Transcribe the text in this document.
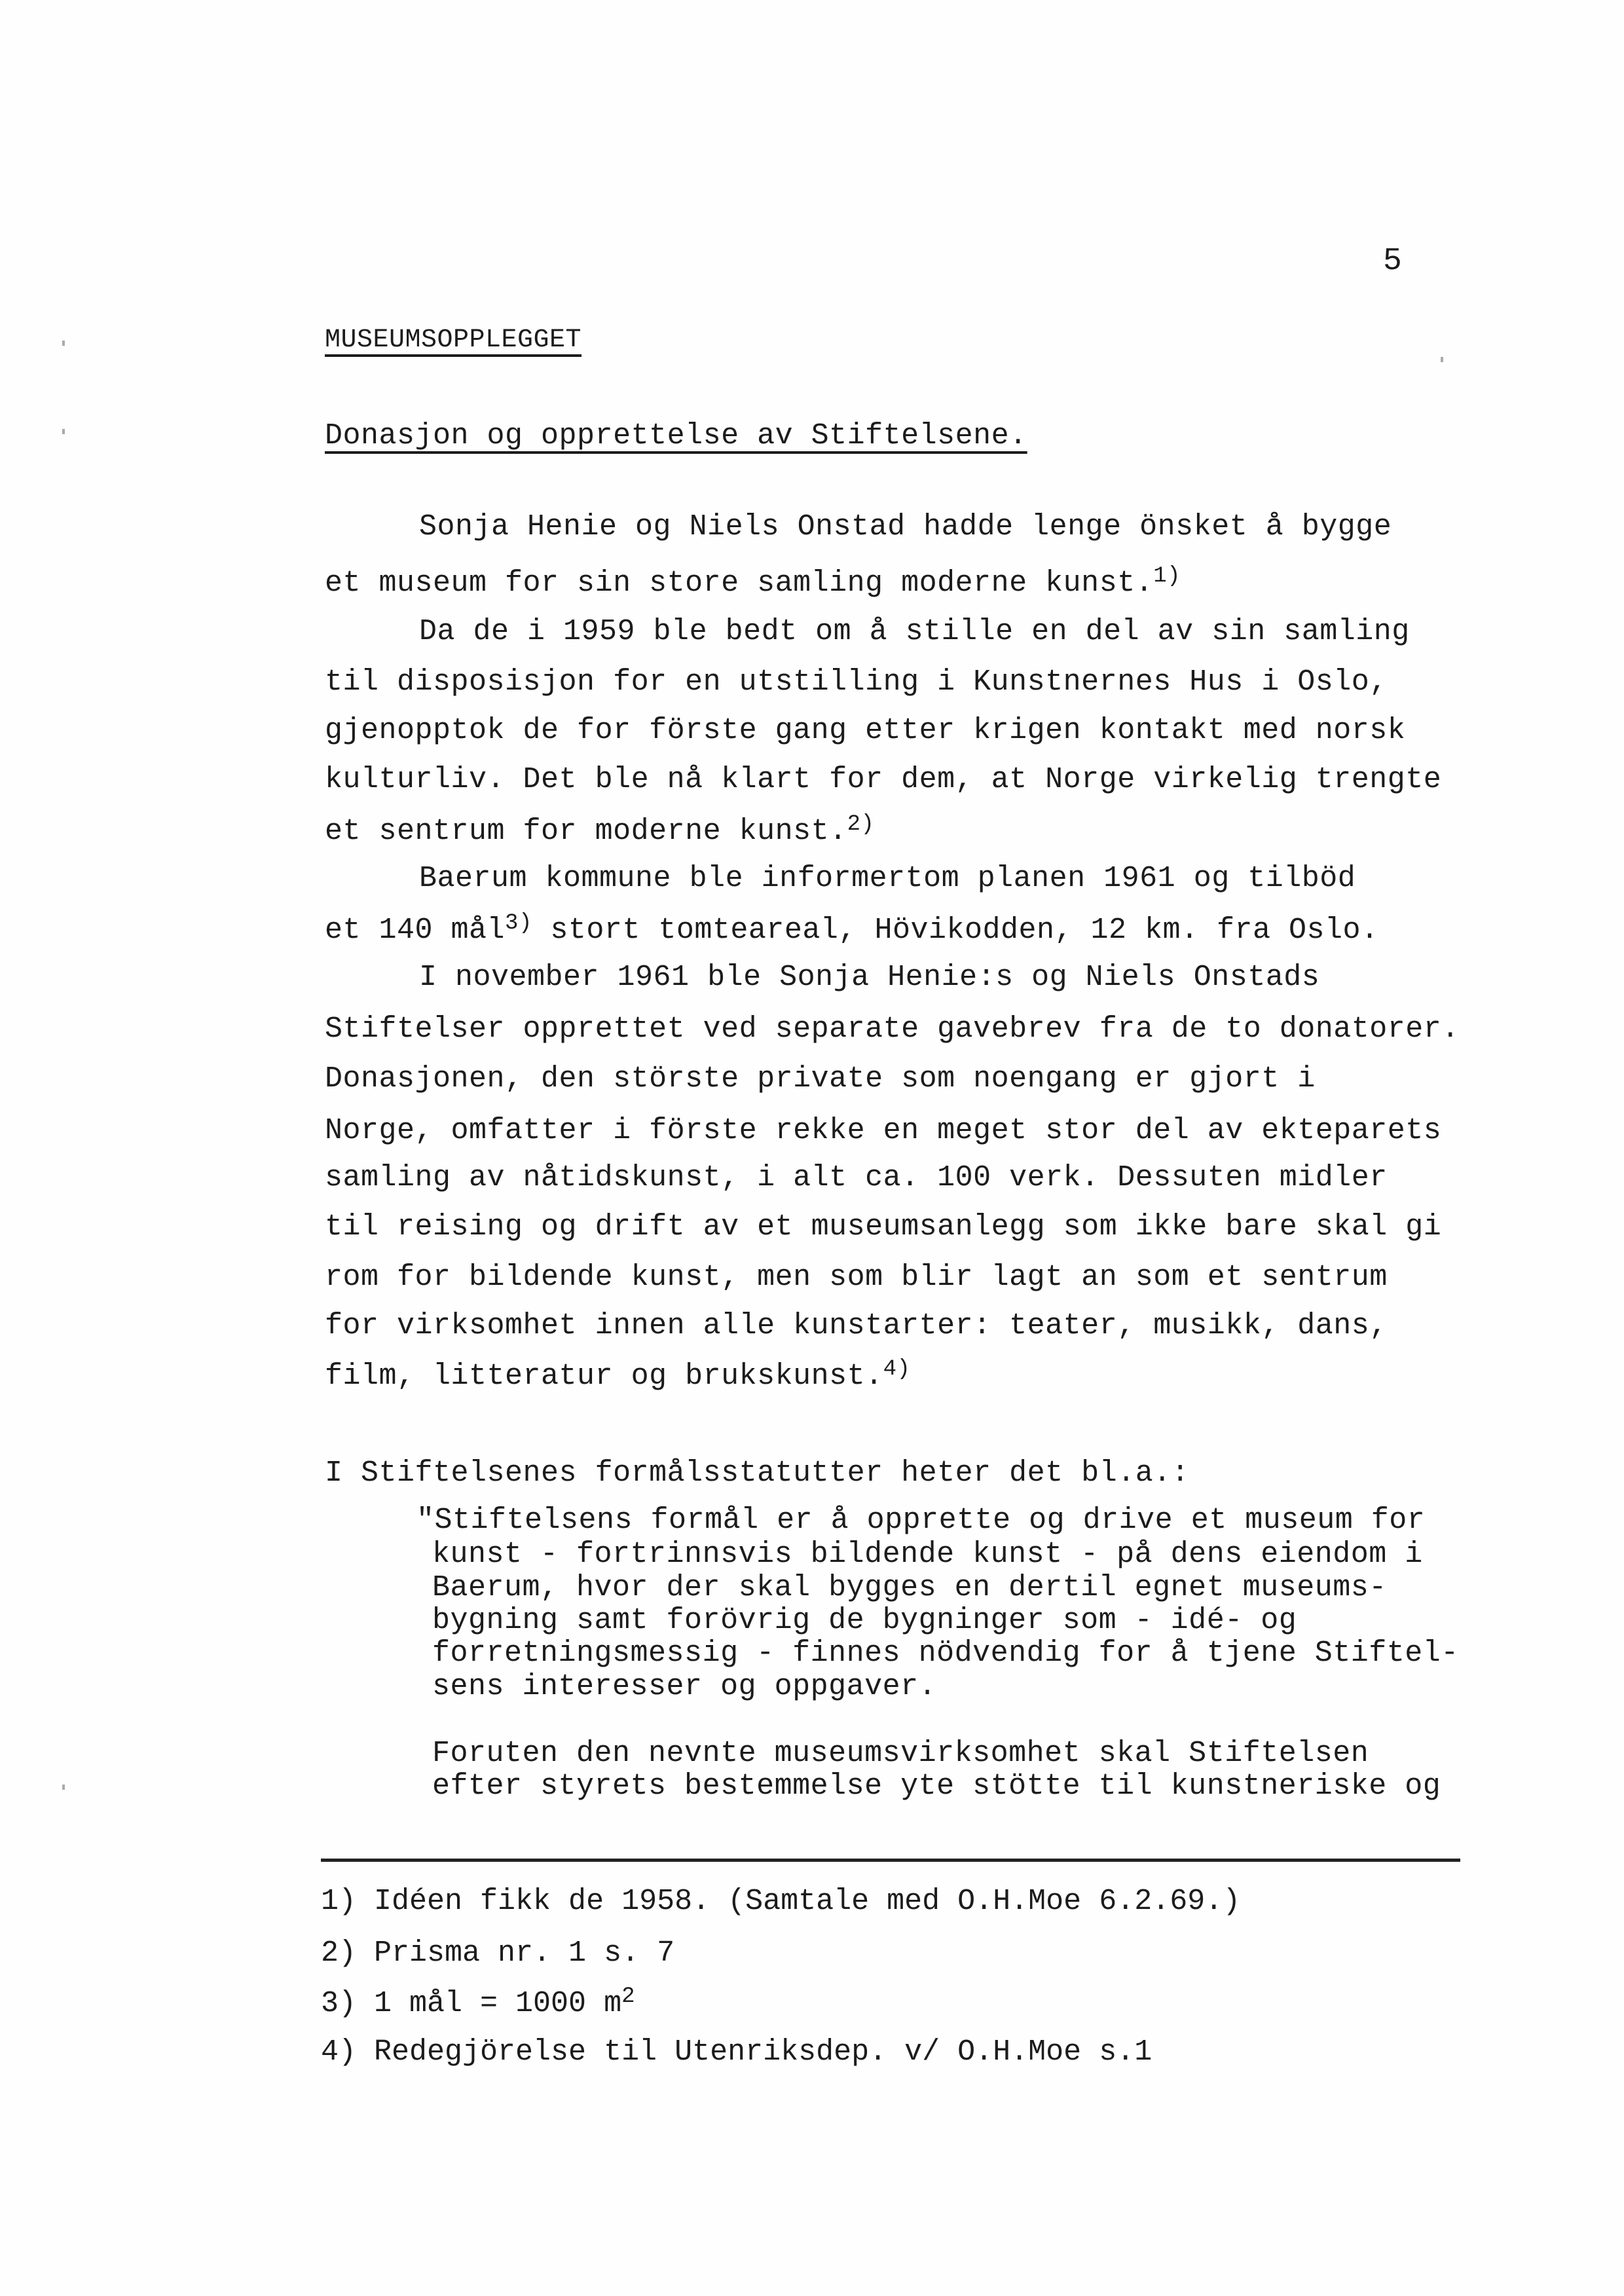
5
MUSEUMSOPPLEGGET
Donasjon og opprettelse av Stiftelsene.
Sonja Henie og Niels Onstad hadde lenge önsket å bygge
et museum for sin store samling moderne kunst.$^{1)}$
Da de i 1959 ble bedt om å stille en del av sin samling
til disposisjon for en utstilling i Kunstnernes Hus i Oslo,
gjenopptok de for förste gang etter krigen kontakt med norsk
kulturliv. Det ble nå klart for dem, at Norge virkelig trengte
et sentrum for moderne kunst.$^{2)}$
Baerum kommune ble informertom planen 1961 og tilböd
et 140 mål$^{3)}$ stort tomteareal, Hövikodden, 12 km. fra Oslo.
I november 1961 ble Sonja Henie:s og Niels Onstads
Stiftelser opprettet ved separate gavebrev fra de to donatorer.
Donasjonen, den störste private som noengang er gjort i
Norge, omfatter i förste rekke en meget stor del av ekteparets
samling av nåtidskunst, i alt ca. 100 verk. Dessuten midler
til reising og drift av et museumsanlegg som ikke bare skal gi
rom for bildende kunst, men som blir lagt an som et sentrum
for virksomhet innen alle kunstarter: teater, musikk, dans,
film, litteratur og brukskunst.$^{4)}$
I Stiftelsenes formålsstatutter heter det bl.a.:
"Stiftelsens formål er å opprette og drive et museum for
kunst - fortrinnsvis bildende kunst - på dens eiendom i
Baerum, hvor der skal bygges en dertil egnet museums-
bygning samt forövrig de bygninger som - idé- og
forretningsmessig - finnes nödvendig for å tjene Stiftel-
sens interesser og oppgaver.
Foruten den nevnte museumsvirksomhet skal Stiftelsen
efter styrets bestemmelse yte stötte til kunstneriske og
1) Idéen fikk de 1958. (Samtale med O.H.Moe 6.2.69.)
2) Prisma nr. 1 s. 7
3) 1 mål = 1000 $m^2$
4) Redegjörelse til Utenriksdep. v/ O.H.Moe s.1
